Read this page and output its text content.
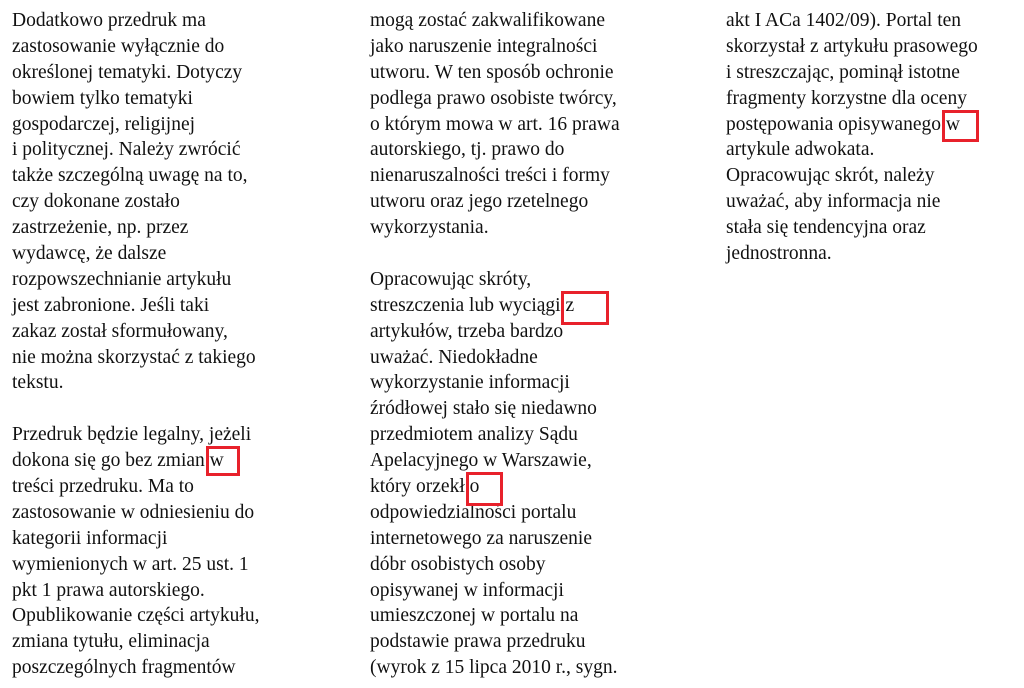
Dodatkowo przedruk ma
zastosowanie wyłącznie do
określonej tematyki. Dotyczy
bowiem tylko tematyki
gospodarczej, religijnej
i politycznej. Należy zwrócić
także szczególną uwagę na to,
czy dokonane zostało
zastrzeżenie, np. przez
wydawcę, że dalsze
rozpowszechnianie artykułu
jest zabronione. Jeśli taki
zakaz został sformułowany,
nie można skorzystać z takiego
tekstu.
Przedruk będzie legalny, jeżeli
dokona się go bez zmian w
treści przedruku. Ma to
zastosowanie w odniesieniu do
kategorii informacji
wymienionych w art. 25 ust. 1
pkt 1 prawa autorskiego.
Opublikowanie części artykułu,
zmiana tytułu, eliminacja
poszczególnych fragmentów
mogą zostać zakwalifikowane
jako naruszenie integralności
utworu. W ten sposób ochronie
podlega prawo osobiste twórcy,
o którym mowa w art. 16 prawa
autorskiego, tj. prawo do
nienaruszalności treści i formy
utworu oraz jego rzetelnego
wykorzystania.
Opracowując skróty,
streszczenia lub wyciągi z
artykułów, trzeba bardzo
uważać. Niedokładne
wykorzystanie informacji
źródłowej stało się niedawno
przedmiotem analizy Sądu
Apelacyjnego w Warszawie,
który orzekł o
odpowiedzialności portalu
internetowego za naruszenie
dóbr osobistych osoby
opisywanej w informacji
umieszczonej w portalu na
podstawie prawa przedruku
(wyrok z 15 lipca 2010 r., sygn.
akt I ACa 1402/09). Portal ten
skorzystał z artykułu prasowego
i streszczając, pominął istotne
fragmenty korzystne dla oceny
postępowania opisywanego w
artykule adwokata.
Opracowując skrót, należy
uważać, aby informacja nie
stała się tendencyjna oraz
jednostronna.
